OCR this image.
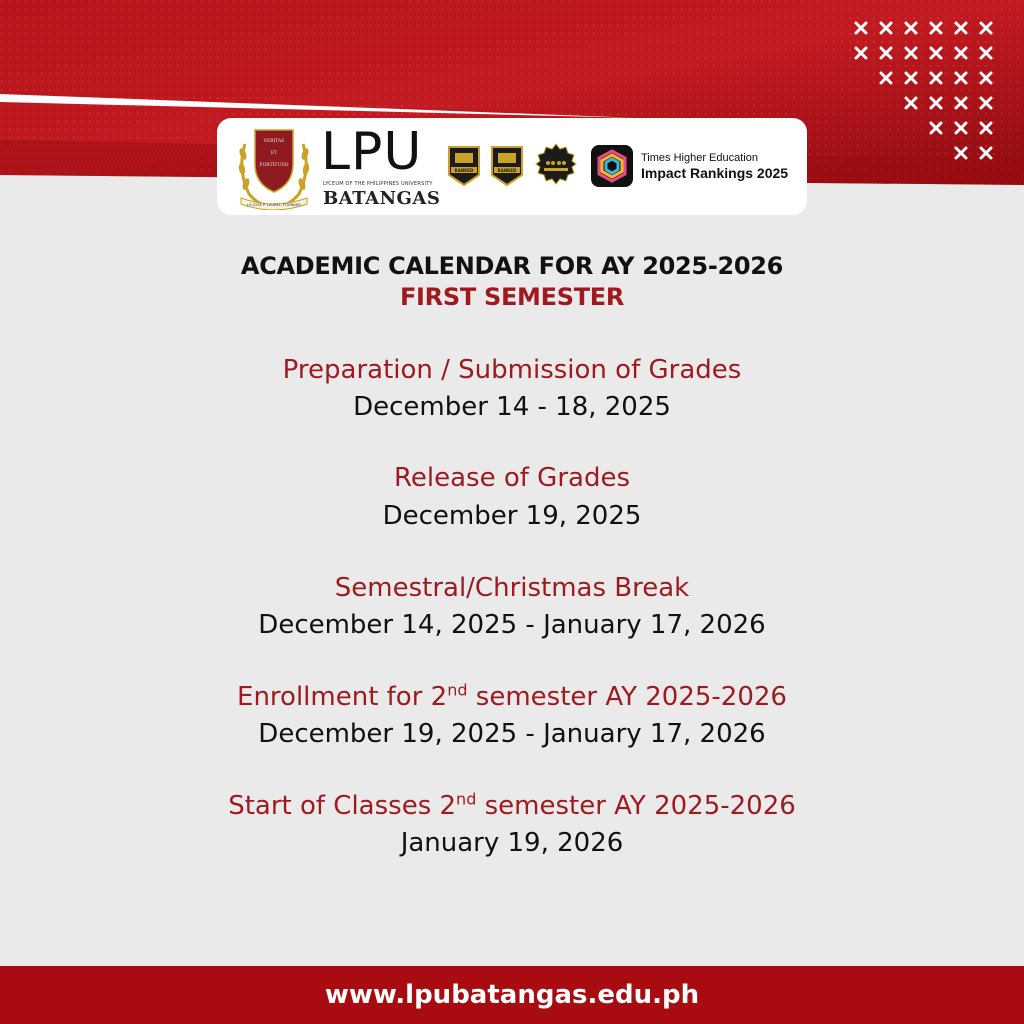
VERITAS
ET
FORTITUDO
J.P. JOSE P. LAUREL, FOUNDER
LPU
LYCEUM OF THE PHILIPPINES UNIVERSITY
BATANGAS
RANKED	RANKED
Times Higher Education
Impact Rankings 2025
ACADEMIC CALENDAR FOR AY 2025-2026
FIRST SEMESTER
Preparation / Submission of Grades
December 14 - 18, 2025
Release of Grades
December 19, 2025
Semestral/Christmas Break
December 14, 2025 - January 17, 2026
Enrollment for 2nd semester AY 2025-2026
December 19, 2025 - January 17, 2026
Start of Classes 2nd semester AY 2025-2026
January 19, 2026
www.lpubatangas.edu.ph
